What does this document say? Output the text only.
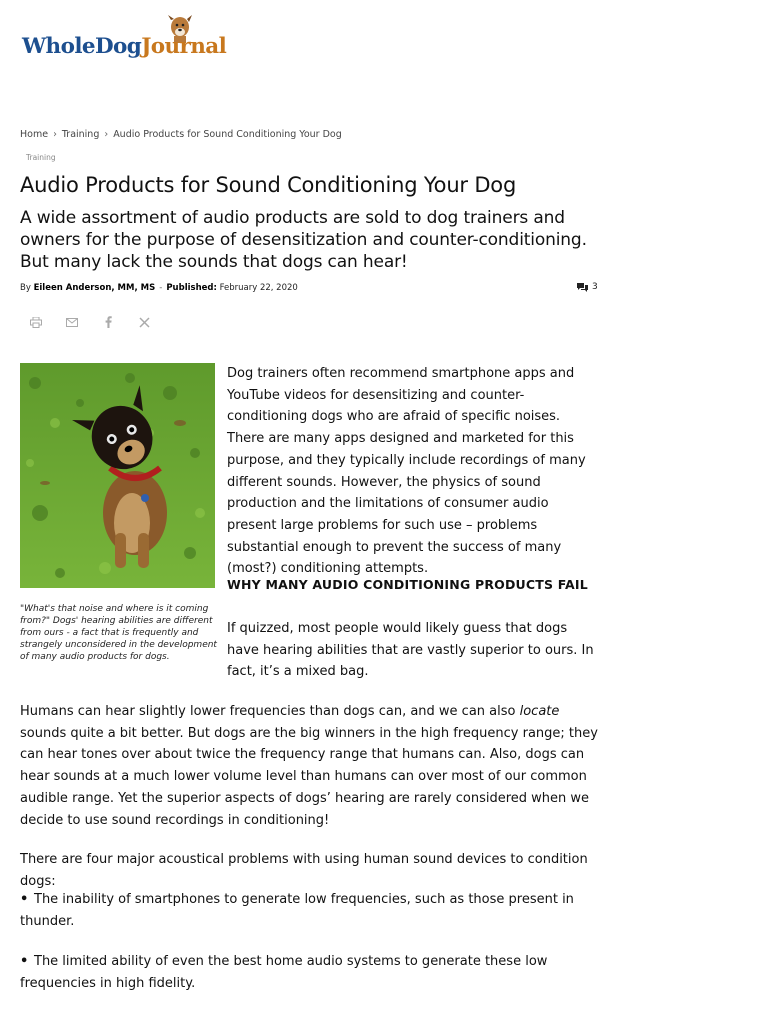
WholeDogJournal
Home › Training › Audio Products for Sound Conditioning Your Dog
Training
Audio Products for Sound Conditioning Your Dog
A wide assortment of audio products are sold to dog trainers and owners for the purpose of desensitization and counter-conditioning. But many lack the sounds that dogs can hear!
By Eileen Anderson, MM, MS - Published: February 22, 2020	3
"What's that noise and where is it coming from?" Dogs' hearing abilities are different from ours - a fact that is frequently and strangely unconsidered in the development of many audio products for dogs.

Dog trainers often recommend smartphone apps and YouTube videos for desensitizing and counter-conditioning dogs who are afraid of specific noises. There are many apps designed and marketed for this purpose, and they typically include recordings of many different sounds. However, the physics of sound production and the limitations of consumer audio present large problems for such use – problems substantial enough to prevent the success of many (most?) conditioning attempts.

WHY MANY AUDIO CONDITIONING PRODUCTS FAIL

If quizzed, most people would likely guess that dogs have hearing abilities that are vastly superior to ours. In fact, it’s a mixed bag.

Humans can hear slightly lower frequencies than dogs can, and we can also locate sounds quite a bit better. But dogs are the big winners in the high frequency range; they can hear tones over about twice the frequency range that humans can. Also, dogs can hear sounds at a much lower volume level than humans can over most of our common audible range. Yet the superior aspects of dogs’ hearing are rarely considered when we decide to use sound recordings in conditioning!

There are four major acoustical problems with using human sound devices to condition dogs:

• The inability of smartphones to generate low frequencies, such as those present in thunder.

• The limited ability of even the best home audio systems to generate these low frequencies in high fidelity.
